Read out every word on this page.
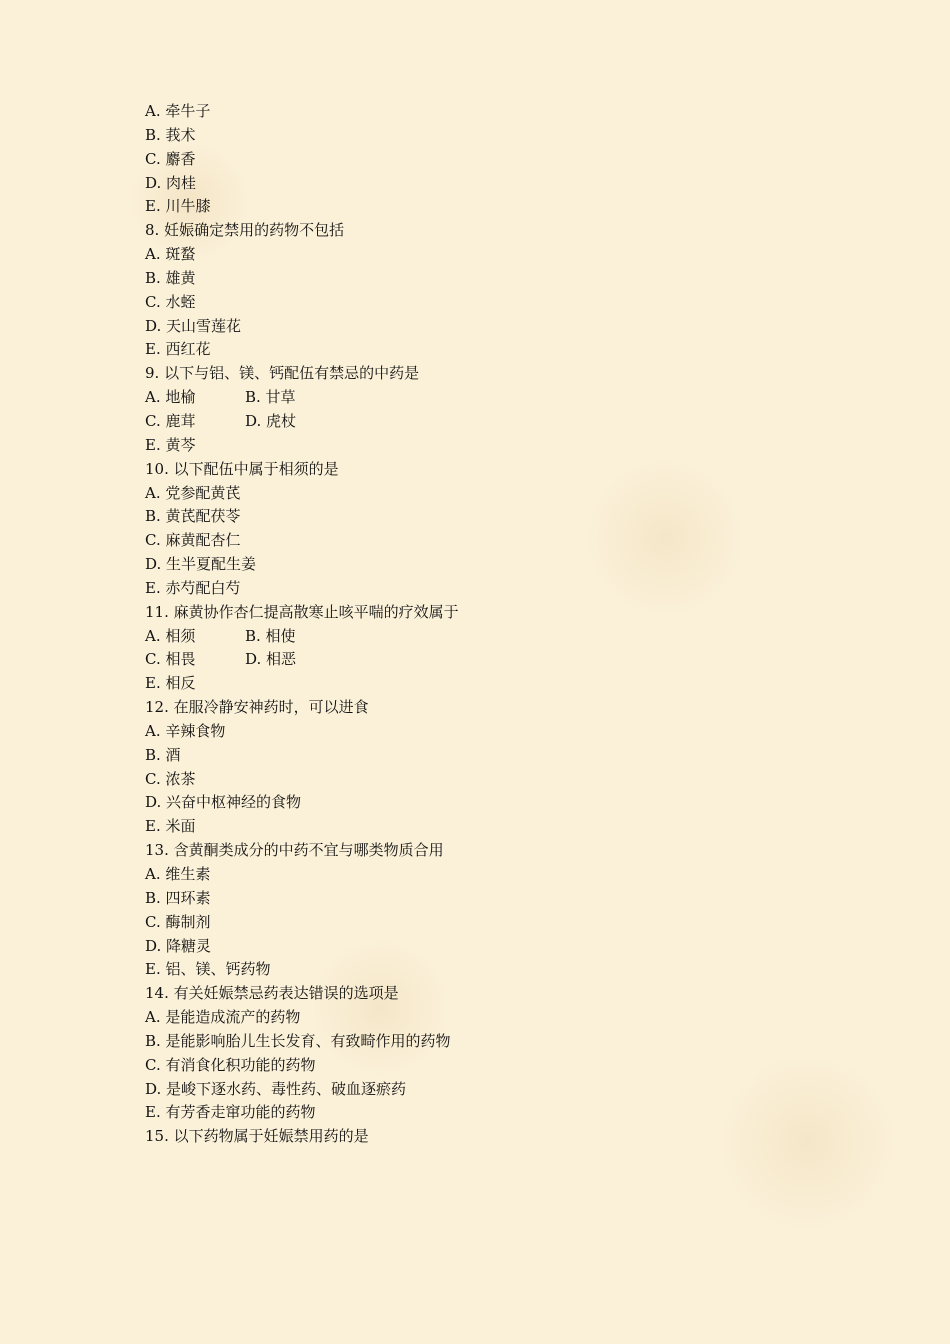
A. 牵牛子
B. 莪术
C. 麝香
D. 肉桂
E. 川牛膝
8. 妊娠确定禁用的药物不包括
A. 斑蝥
B. 雄黄
C. 水蛭
D. 天山雪莲花
E. 西红花
9. 以下与铝、镁、钙配伍有禁忌的中药是
A. 地榆	B. 甘草
C. 鹿茸	D. 虎杖
E. 黄芩
10. 以下配伍中属于相须的是
A. 党参配黄芪
B. 黄芪配茯苓
C. 麻黄配杏仁
D. 生半夏配生姜
E. 赤芍配白芍
11. 麻黄协作杏仁提高散寒止咳平喘的疗效属于
A. 相须	B. 相使
C. 相畏	D. 相恶
E. 相反
12. 在服冷静安神药时，可以进食
A. 辛辣食物
B. 酒
C. 浓茶
D. 兴奋中枢神经的食物
E. 米面
13. 含黄酮类成分的中药不宜与哪类物质合用
A. 维生素
B. 四环素
C. 酶制剂
D. 降糖灵
E. 铝、镁、钙药物
14. 有关妊娠禁忌药表达错误的选项是
A. 是能造成流产的药物
B. 是能影响胎儿生长发育、有致畸作用的药物
C. 有消食化积功能的药物
D. 是峻下逐水药、毒性药、破血逐瘀药
E. 有芳香走窜功能的药物
15. 以下药物属于妊娠禁用药的是
